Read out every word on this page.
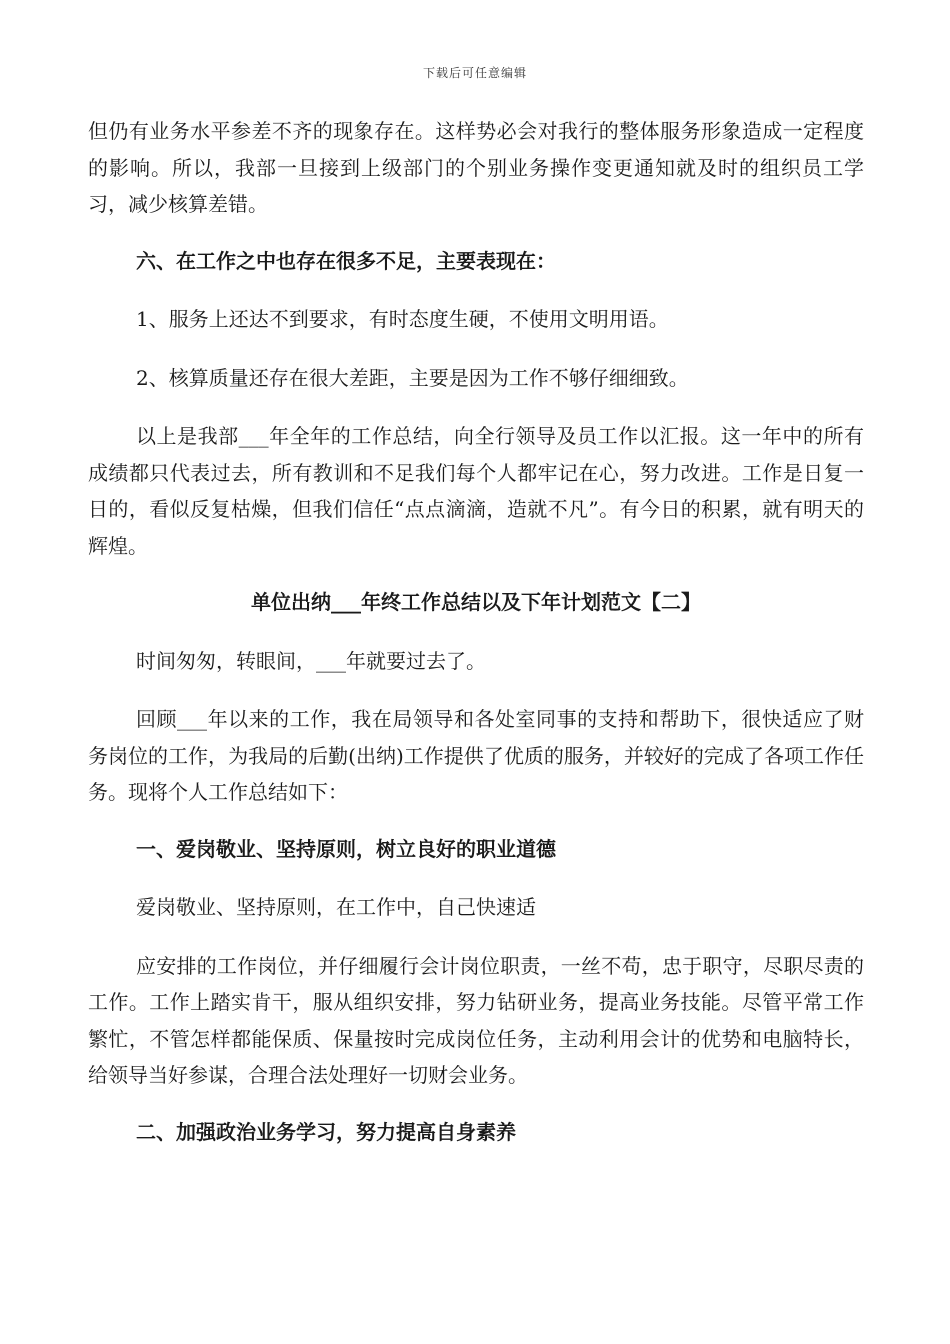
下载后可任意编辑

但仍有业务水平参差不齐的现象存在。这样势必会对我行的整体服务形象造成一定程度的影响。所以，我部一旦接到上级部门的个别业务操作变更通知就及时的组织员工学习，减少核算差错。

六、在工作之中也存在很多不足，主要表现在：

1、服务上还达不到要求，有时态度生硬，不使用文明用语。

2、核算质量还存在很大差距，主要是因为工作不够仔细细致。

以上是我部___年全年的工作总结，向全行领导及员工作以汇报。这一年中的所有成绩都只代表过去，所有教训和不足我们每个人都牢记在心，努力改进。工作是日复一日的，看似反复枯燥，但我们信任“点点滴滴，造就不凡”。有今日的积累，就有明天的辉煌。

单位出纳___年终工作总结以及下年计划范文【二】

时间匆匆，转眼间，___年就要过去了。

回顾___年以来的工作，我在局领导和各处室同事的支持和帮助下，很快适应了财务岗位的工作，为我局的后勤(出纳)工作提供了优质的服务，并较好的完成了各项工作任务。现将个人工作总结如下：

一、爱岗敬业、坚持原则，树立良好的职业道德

爱岗敬业、坚持原则，在工作中，自己快速适

应安排的工作岗位，并仔细履行会计岗位职责，一丝不苟，忠于职守，尽职尽责的工作。工作上踏实肯干，服从组织安排，努力钻研业务，提高业务技能。尽管平常工作繁忙，不管怎样都能保质、保量按时完成岗位任务，主动利用会计的优势和电脑特长，给领导当好参谋，合理合法处理好一切财会业务。

二、加强政治业务学习，努力提高自身素养
